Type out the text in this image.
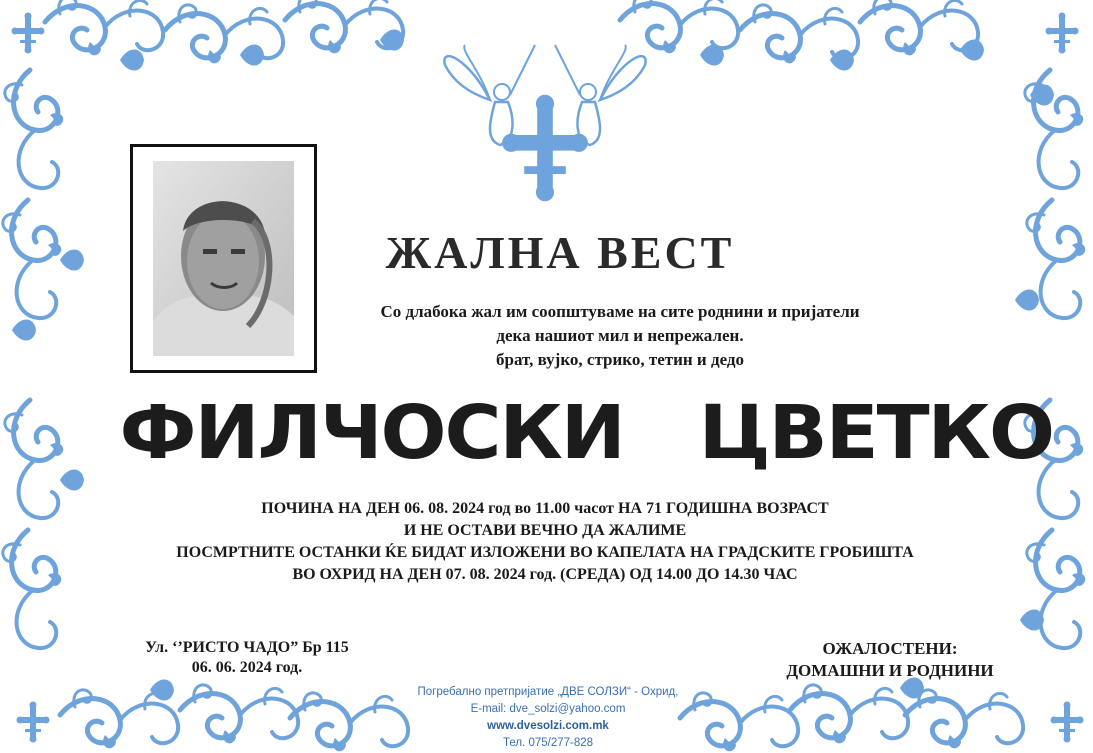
ЖАЛНА ВЕСТ
Со длабока жал им соопштуваме на сите роднини и пријатели
дека нашиот мил и непрежален.
брат, вујко, стрико, тетин и дедо
ФИЛЧОСКИ   ЦВЕТКО
ПОЧИНА НА ДЕН 06. 08. 2024 год во 11.00 часот НА 71 ГОДИШНА ВОЗРАСТ
И НЕ ОСТАВИ ВЕЧНО ДА ЖАЛИМЕ
ПОСМРТНИТЕ ОСТАНКИ ЌЕ БИДАТ ИЗЛОЖЕНИ ВО КАПЕЛАТА НА ГРАДСКИТЕ ГРОБИШТА
ВО ОХРИД НА ДЕН 07. 08. 2024 год. (СРЕДА) ОД 14.00 ДО 14.30 ЧАС
Ул. ‘’РИСТО ЧАДО” Бр 115
06. 06. 2024 год.
ОЖАЛОСТЕНИ:
ДОМАШНИ И РОДНИНИ
Погребално претпријатие „ДВЕ СОЛЗИ“ - Охрид,
E-mail: dve_solzi@yahoo.com
www.dvesolzi.com.mk
Тел. 075/277-828
